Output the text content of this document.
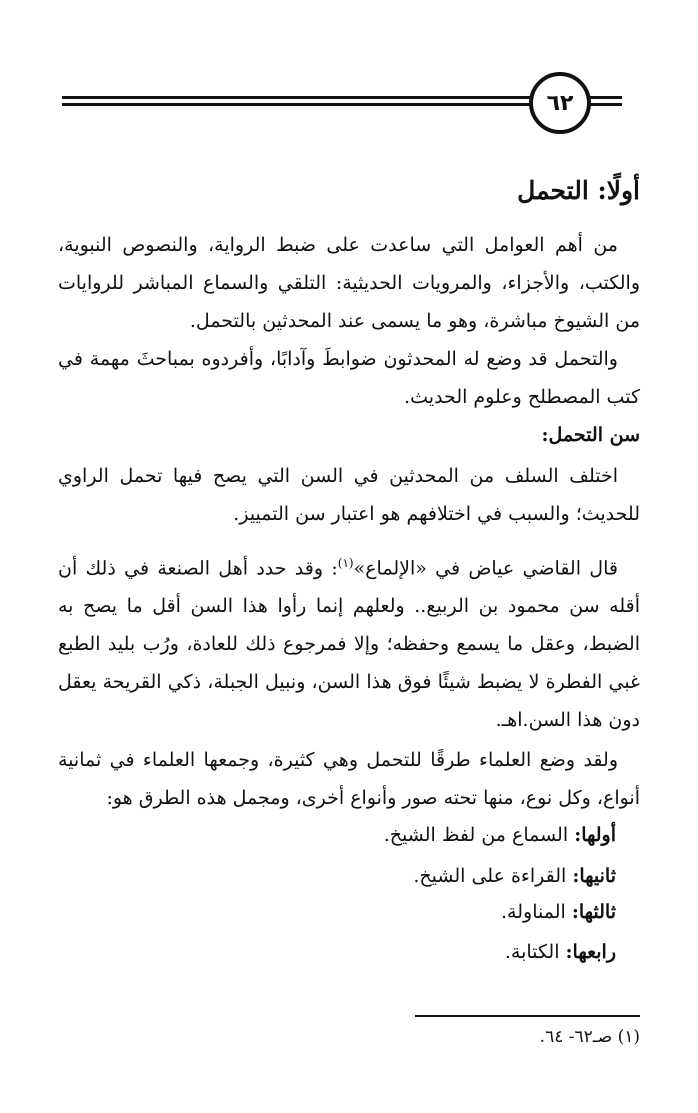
٦٢
أولًا: التحمل

من أهم العوامل التي ساعدت على ضبط الرواية، والنصوص النبوية، والكتب، والأجزاء، والمرويات الحديثية: التلقي والسماع المباشر للروايات من الشيوخ مباشرة، وهو ما يسمى عند المحدثين بالتحمل.

والتحمل قد وضع له المحدثون ضوابطَ وآدابًا، وأفردوه بمباحثَ مهمة في كتب المصطلح وعلوم الحديث.

سن التحمل:

اختلف السلف من المحدثين في السن التي يصح فيها تحمل الراوي للحديث؛ والسبب في اختلافهم هو اعتبار سن التمييز.

قال القاضي عياض في «الإلماع»$^{(١)}$: وقد حدد أهل الصنعة في ذلك أن أقله سن محمود بن الربيع.. ولعلهم إنما رأوا هذا السن أقل ما يصح به الضبط، وعقل ما يسمع وحفظه؛ وإلا فمرجوع ذلك للعادة، ورُب بليد الطبع غبي الفطرة لا يضبط شيئًا فوق هذا السن، ونبيل الجبلة، ذكي القريحة يعقل دون هذا السن.اهـ.

ولقد وضع العلماء طرقًا للتحمل وهي كثيرة، وجمعها العلماء في ثمانية أنواع، وكل نوع، منها تحته صور وأنواع أخرى، ومجمل هذه الطرق هو:

أولها: السماع من لفظ الشيخ.
ثانيها: القراءة على الشيخ.
ثالثها: المناولة.
رابعها: الكتابة.
(١) صـ٦٢- ٦٤.
